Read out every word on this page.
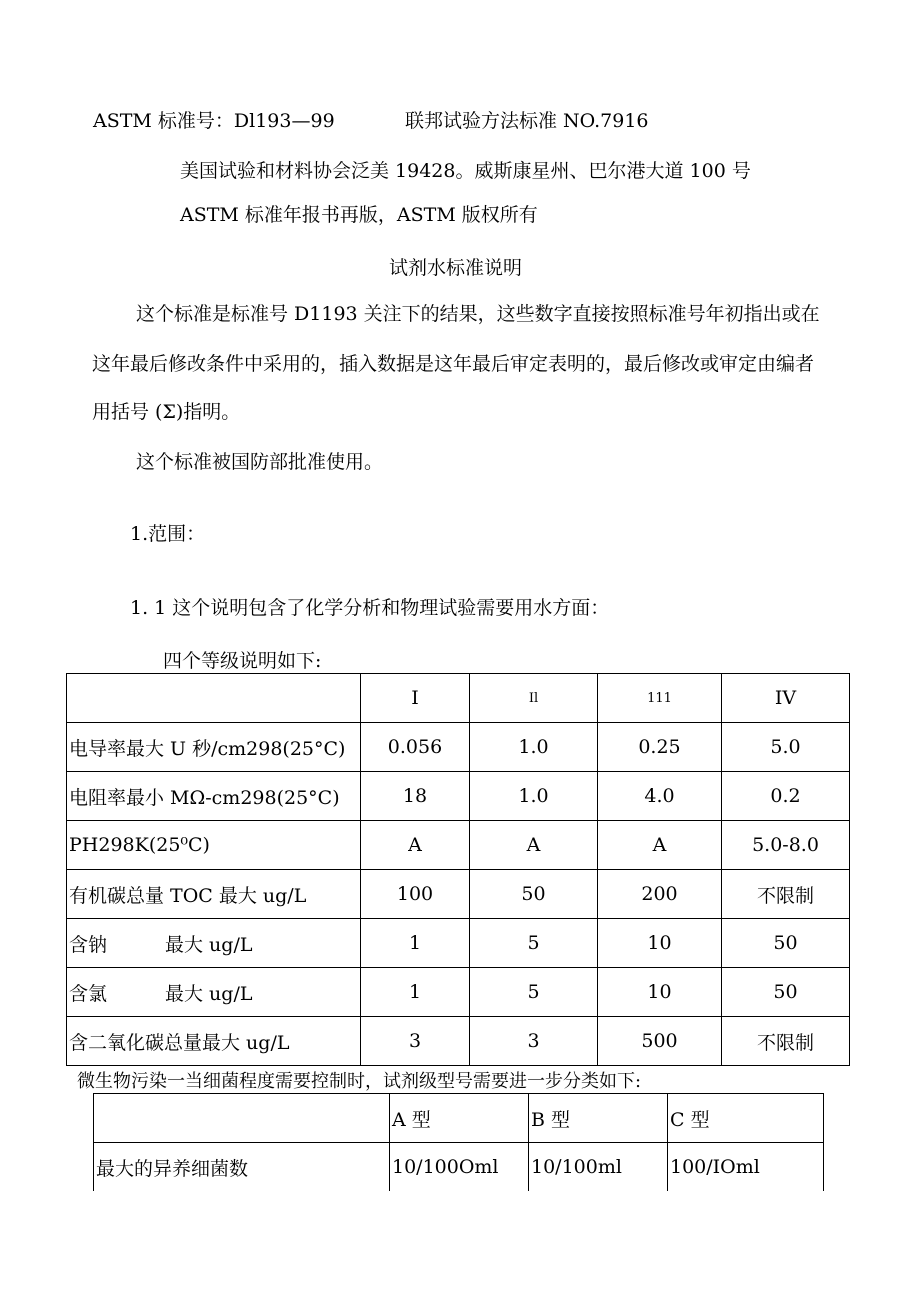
ASTM 标准号：Dl193—99	联邦试验方法标准 NO.7916
美国试验和材料协会泛美 19428。威斯康星州、巴尔港大道 100 号
ASTM 标准年报书再版，ASTM 版权所有
试剂水标准说明
这个标准是标准号 D1193 关注下的结果，这些数字直接按照标准号年初指出或在
这年最后修改条件中采用的，插入数据是这年最后审定表明的，最后修改或审定由编者
用括号 (Σ)指明。
这个标准被国防部批准使用。
1.范围：
1. 1 这个说明包含了化学分析和物理试验需要用水方面：
四个等级说明如下:
	I	Il	111	IV
电导率最大 U 秒∕cm298(25°C)	0.056	1.0	0.25	5.0
电阻率最小 MΩ-cm298(25°C)	18	1.0	4.0	0.2
PH298K(25⁰C)	A	A	A	5.0-8.0
有机碳总量 TOC 最大 ug∕L	100	50	200	不限制
含钠 最大 ug/L	1	5	10	50
含氯 最大 ug/L	1	5	10	50
含二氧化碳总量最大 ug/L	3	3	500	不限制
微生物污染一当细菌程度需要控制时，试剂级型号需要进一步分类如下:
	A 型	B 型	C 型
最大的异养细菌数	10/100Oml	10∕100ml	100/IOml
